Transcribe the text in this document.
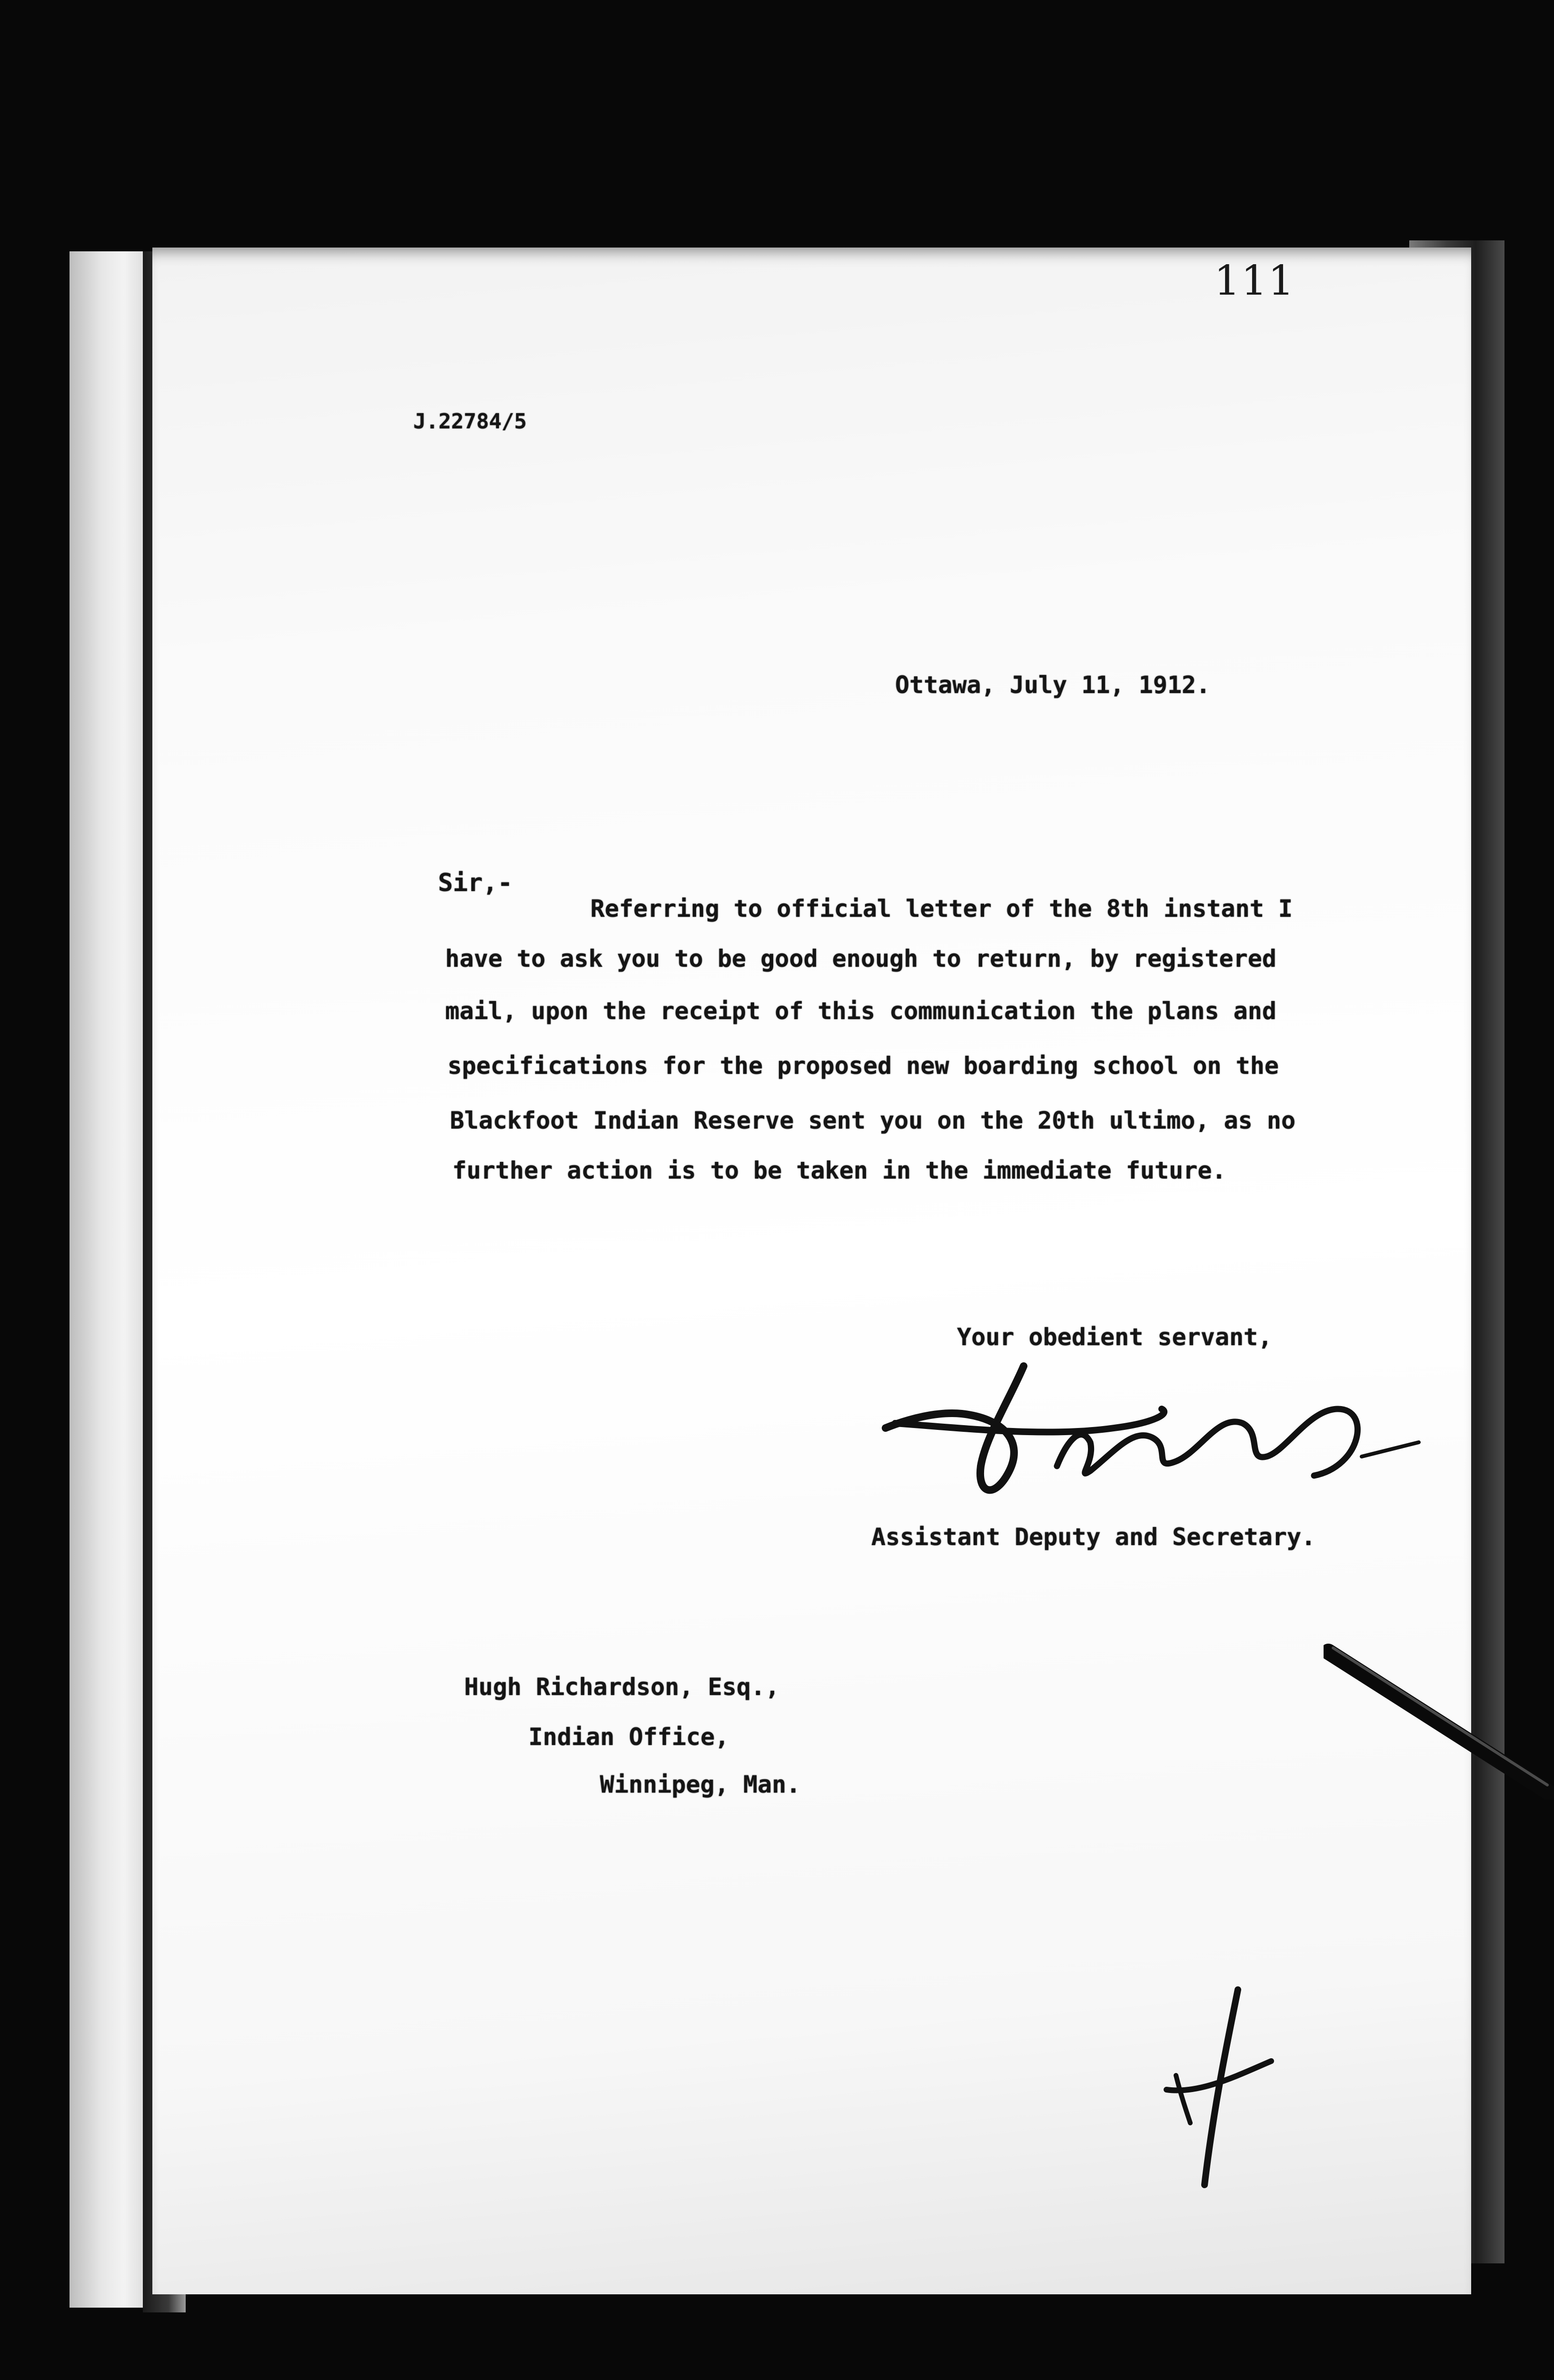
111
J.22784/5
Ottawa, July 11, 1912.
Sir,-
Referring to official letter of the 8th instant I
have to ask you to be good enough to return, by registered
mail, upon the receipt of this communication the plans and
specifications for the proposed new boarding school on the
Blackfoot Indian Reserve sent you on the 20th ultimo, as no
further action is to be taken in the immediate future.
Your obedient servant,
Assistant Deputy and Secretary.
Hugh Richardson, Esq.,
Indian Office,
Winnipeg, Man.
